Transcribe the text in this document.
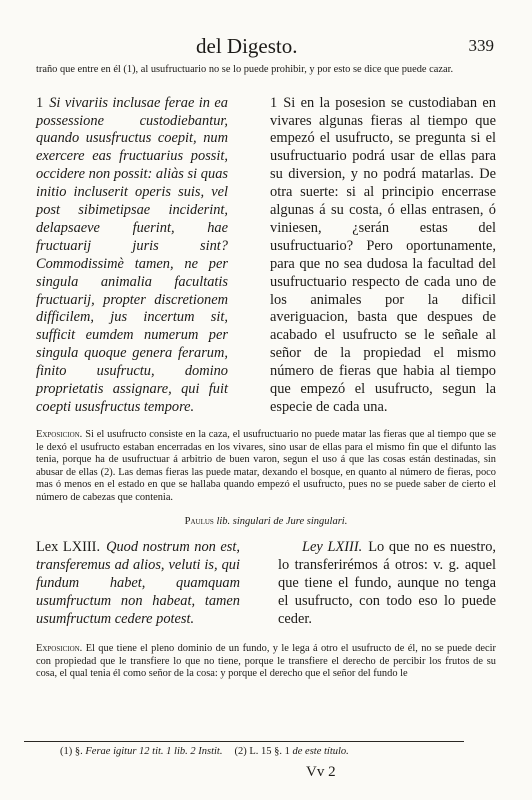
del Digesto.	339

traño que entre en él (1), al usufructuario no se lo puede prohibir, y por esto se dice que puede cazar.

1 Si vivariis inclusae ferae in ea possessione custodiebantur, quando ususfructus coepit, num exercere eas fructuarius possit, occidere non possit: aliàs si quas initio incluserit operis suis, vel post sibimetipsae inciderint, delapsaeve fuerint, hae fructuarij juris sint? Commodissimè tamen, ne per singula animalia facultatis fructuarij, propter discretionem difficilem, jus incertum sit, sufficit eumdem numerum per singula quoque genera ferarum, finito usufructu, domino proprietatis assignare, qui fuit coepti ususfructus tempore.

1 Si en la posesion se custodiaban en vivares algunas fieras al tiempo que empezó el usufructo, se pregunta si el usufructuario podrá usar de ellas para su diversion, y no podrá matarlas. De otra suerte: si al principio encerrase algunas á su costa, ó ellas entrasen, ó viniesen, ¿serán estas del usufructuario? Pero oportunamente, para que no sea dudosa la facultad del usufructuario respecto de cada uno de los animales por la dificil averiguacion, basta que despues de acabado el usufructo se le señale al señor de la propiedad el mismo número de fieras que habia al tiempo que empezó el usufructo, segun la especie de cada una.

Exposicion. Si el usufructo consiste en la caza, el usufructuario no puede matar las fieras que al tiempo que se le dexó el usufructo estaban encerradas en los vivares, sino usar de ellas para el mismo fin que el difunto las tenia, porque ha de usufructuar á arbitrio de buen varon, segun el uso á que las cosas están destinadas, sin abusar de ellas (2). Las demas fieras las puede matar, dexando el bosque, en quanto al número de fieras, poco mas ó menos en el estado en que se hallaba quando empezó el usufructo, pues no se puede saber de cierto el número de cabezas que contenia.

Paulus lib. singulari de Jure singulari.

Lex LXIII. Quod nostrum non est, transferemus ad alios, veluti is, qui fundum habet, quamquam usumfructum non habeat, tamen usumfructum cedere potest.

Ley LXIII. Lo que no es nuestro, lo transferirémos á otros: v. g. aquel que tiene el fundo, aunque no tenga el usufructo, con todo eso lo puede ceder.

Exposicion. El que tiene el pleno dominio de un fundo, y le lega á otro el usufructo de él, no se puede decir con propiedad que le transfiere lo que no tiene, porque le transfiere el derecho de percibir los frutos de su cosa, el qual tenia él como señor de la cosa: y porque el derecho que el señor del fundo le

(1) §. Ferae igitur 12 tit. 1 lib. 2 Instit. (2) L. 15 §. 1 de este título.
Vv 2
